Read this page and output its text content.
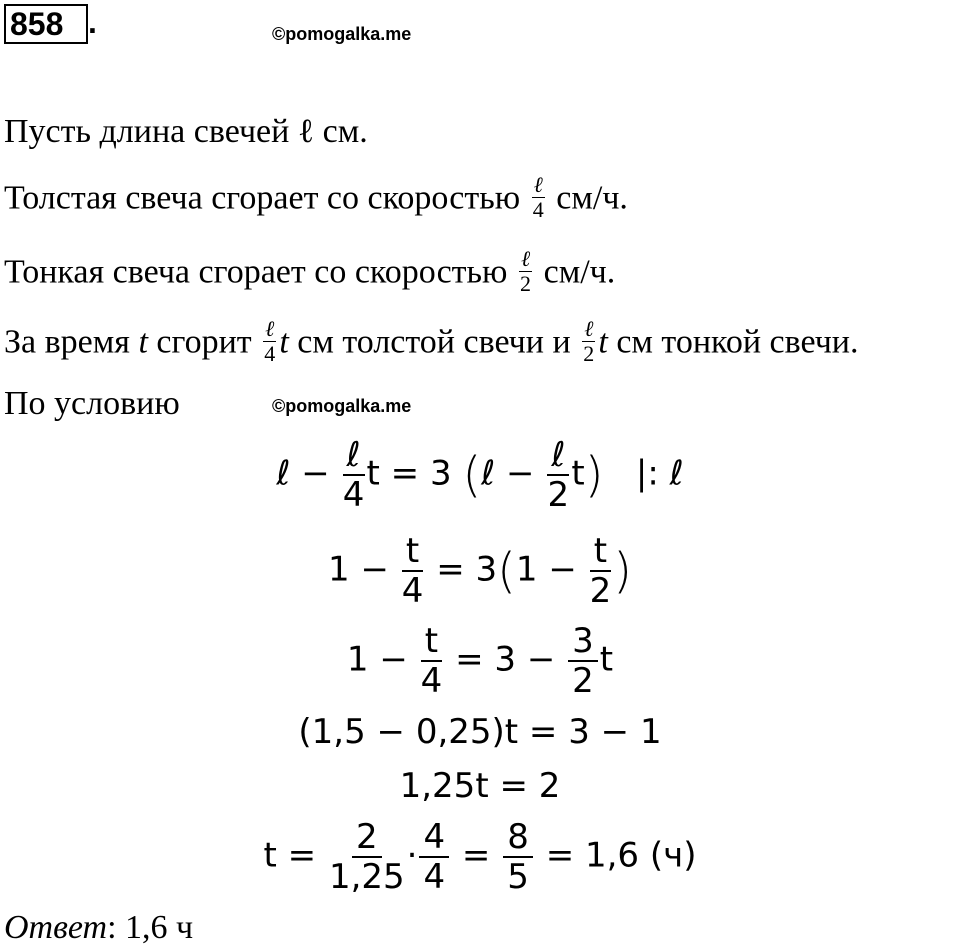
858 .	©pomogalka.me
Пусть длина свечей ℓ см.
Толстая свеча сгорает со скоростью ℓ
4 см/ч.
Тонкая свеча сгорает со скоростью ℓ
2 см/ч.
За время t сгорит ℓ
4 t см толстой свечи и ℓ
2 t см тонкой свечи.
По условию	©pomogalka.me
ℓ − $\frac{\text{ℓ}}{4}$ t = 3 (ℓ − $\frac{\text{ℓ}}{2} t$) |: ℓ
$1 - \frac{t}{4} = 3(1 - \frac{t}{2}$ )
$1 - \frac{t}{4} = 3 - \frac{3}{2}$ t
(1,5 − 0,25)t = 3 − 1
1,25t = 2
$t = \frac{2}{1,25} \cdot \frac{4}{4} = \frac{8}{5} = 1,6$ (ч)
Ответ: 1,6 ч
